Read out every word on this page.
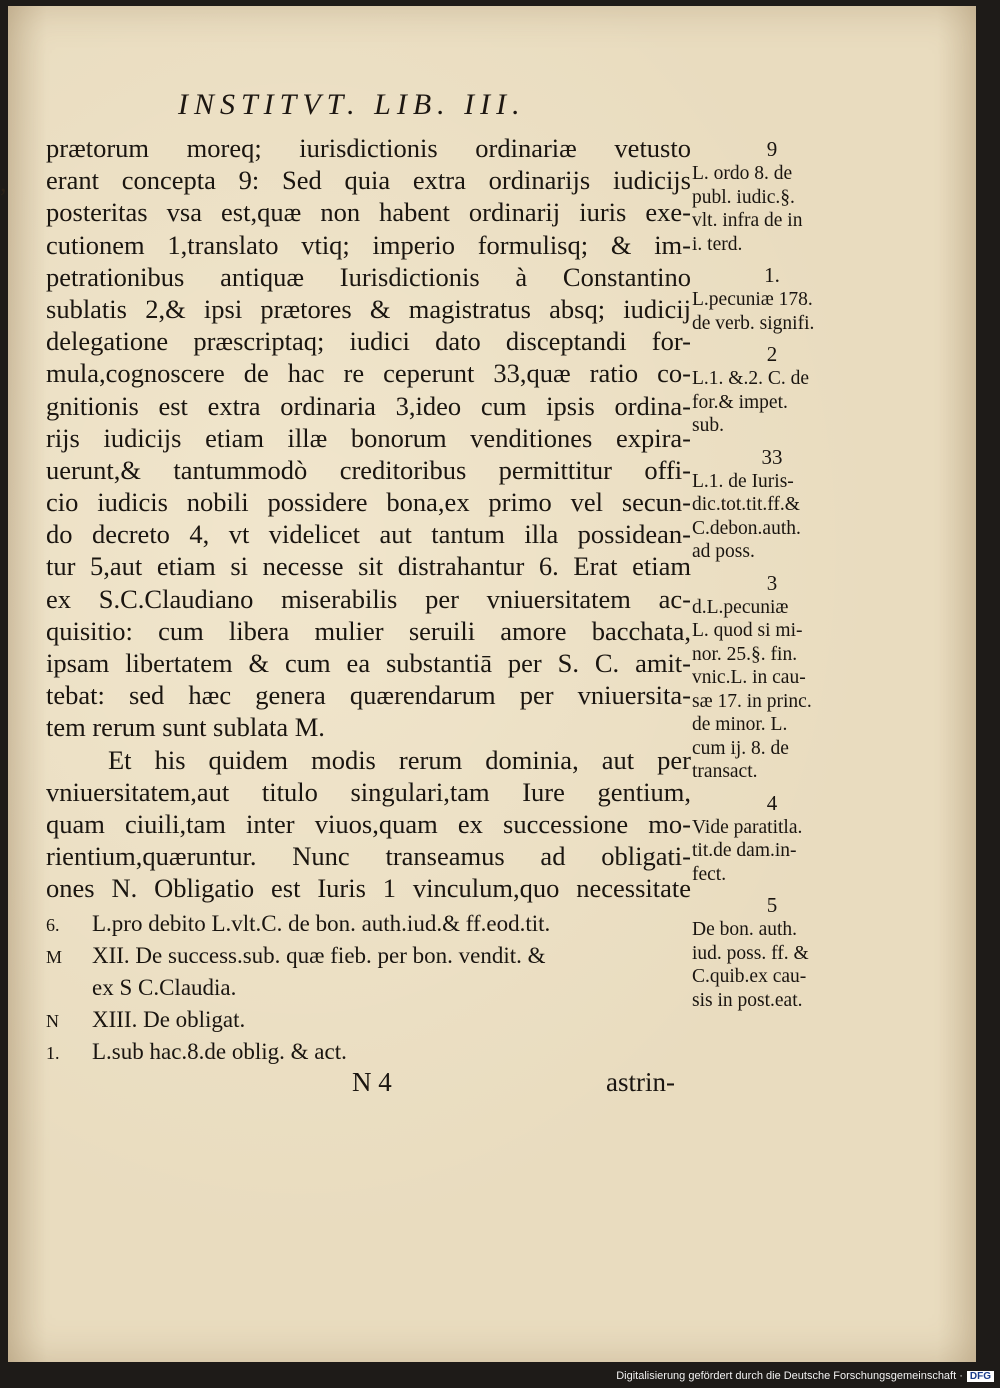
INSTITVT. LIB. III.
prætorum moreq; iurisdictionis ordinariæ vetusto
erant concepta 9: Sed quia extra ordinarijs iudicijs
posteritas vsa est,quæ non habent ordinarij iuris exe-
cutionem 1,translato vtiq; imperio formulisq; & im-
petrationibus antiquæ Iurisdictionis à Constantino
sublatis 2,& ipsi prætores & magistratus absq; iudicij
delegatione præscriptaq; iudici dato disceptandi for-
mula,cognoscere de hac re ceperunt 33,quæ ratio co-
gnitionis est extra ordinaria 3,ideo cum ipsis ordina-
rijs iudicijs etiam illæ bonorum venditiones expira-
uerunt,& tantummodò creditoribus permittitur offi-
cio iudicis nobili possidere bona,ex primo vel secun-
do decreto 4, vt videlicet aut tantum illa possidean-
tur 5,aut etiam si necesse sit distrahantur 6. Erat etiam
ex S.C.Claudiano miserabilis per vniuersitatem ac-
quisitio: cum libera mulier seruili amore bacchata,
ipsam libertatem & cum ea substantiā per S. C. amit-
tebat: sed hæc genera quærendarum per vniuersita-
tem rerum sunt sublata M.
Et his quidem modis rerum dominia, aut per
vniuersitatem,aut titulo singulari,tam Iure gentium,
quam ciuili,tam inter viuos,quam ex successione mo-
rientium,quæruntur. Nunc transeamus ad obligati-
ones N. Obligatio est Iuris 1 vinculum,quo necessitate
6. L.pro debito L.vlt.C. de bon. auth.iud.& ff.eod.tit.
M XII. De success.sub. quæ fieb. per bon. vendit. &
ex S C.Claudia.
N XIII. De obligat.
1. L.sub hac.8.de oblig. & act.
9
L. ordo 8. de
publ. iudic.§.
vlt. infra de in
i. terd.
1.
L.pecuniæ 178.
de verb. signifi.
2
L.1. &.2. C. de
for.& impet.
sub.
33
L.1. de Iuris-
dic.tot.tit.ff.&
C.debon.auth.
ad poss.
3
d.L.pecuniæ
L. quod si mi-
nor. 25.§. fin.
vnic.L. in cau-
sæ 17. in princ.
de minor. L.
cum ij. 8. de
transact.
4
Vide paratitla.
tit.de dam.in-
fect.
5
De bon. auth.
iud. poss. ff. &
C.quib.ex cau-
sis in post.eat.
N 4	astrin-
,
Digitalisierung gefördert durch die Deutsche Forschungsgemeinschaft · DFG
